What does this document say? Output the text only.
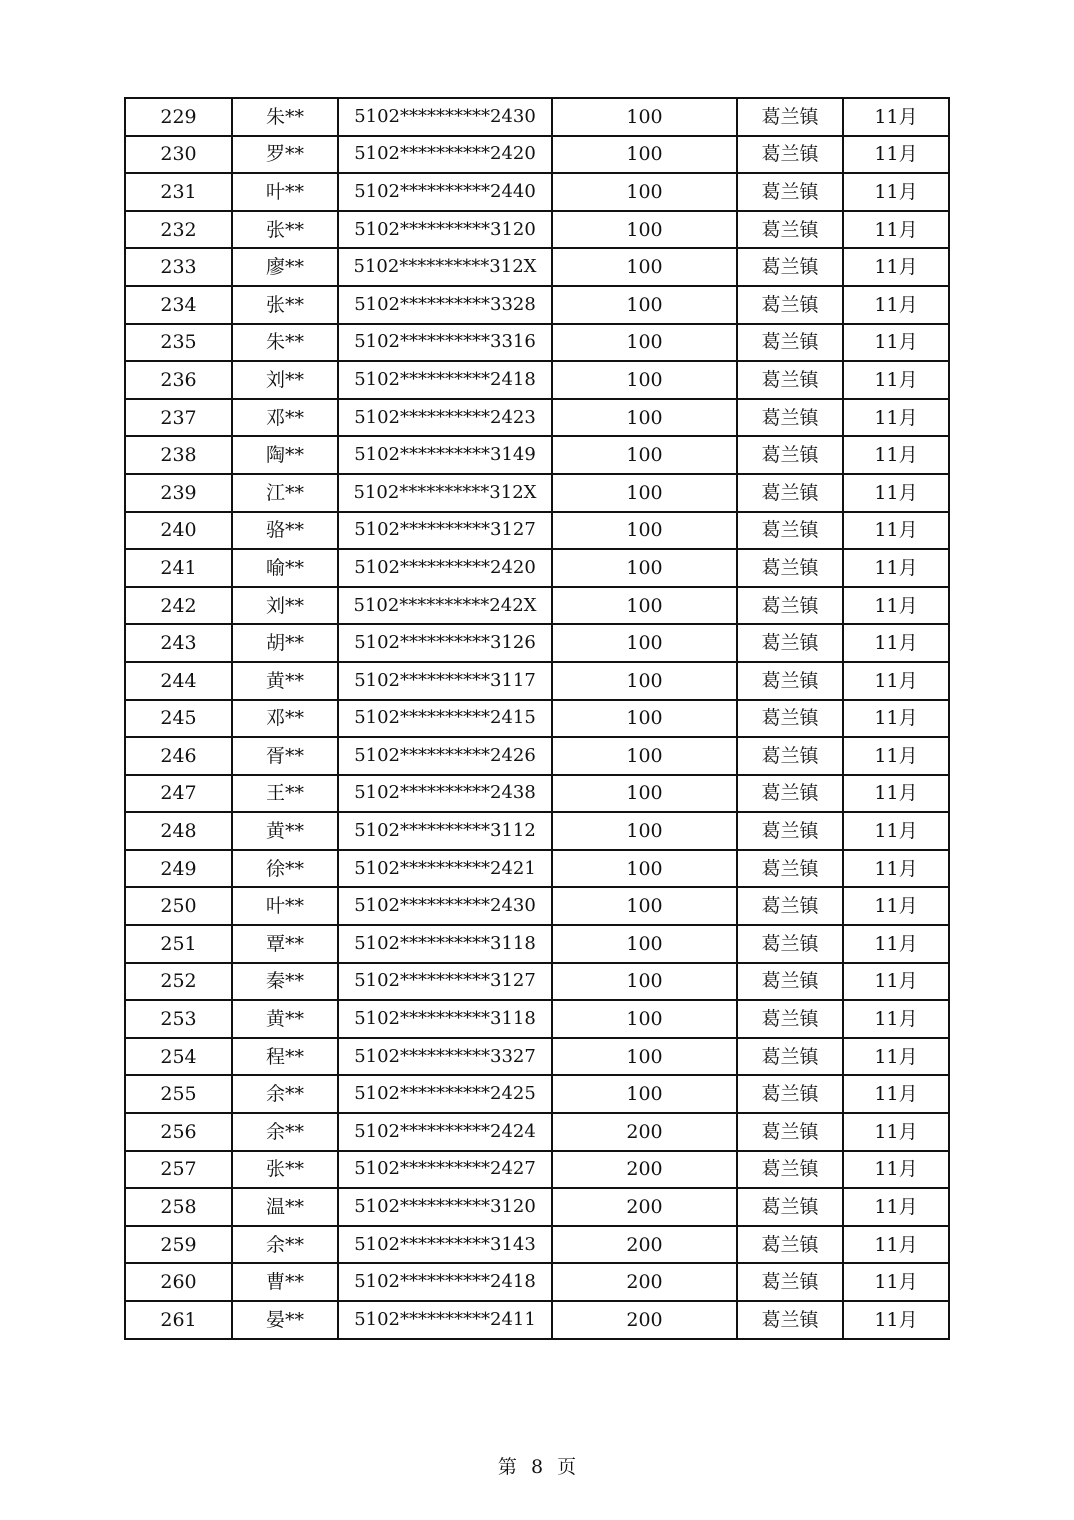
229	朱**	5102**********2430	100	葛兰镇	11月
230	罗**	5102**********2420	100	葛兰镇	11月
231	叶**	5102**********2440	100	葛兰镇	11月
232	张**	5102**********3120	100	葛兰镇	11月
233	廖**	5102**********312X	100	葛兰镇	11月
234	张**	5102**********3328	100	葛兰镇	11月
235	朱**	5102**********3316	100	葛兰镇	11月
236	刘**	5102**********2418	100	葛兰镇	11月
237	邓**	5102**********2423	100	葛兰镇	11月
238	陶**	5102**********3149	100	葛兰镇	11月
239	江**	5102**********312X	100	葛兰镇	11月
240	骆**	5102**********3127	100	葛兰镇	11月
241	喻**	5102**********2420	100	葛兰镇	11月
242	刘**	5102**********242X	100	葛兰镇	11月
243	胡**	5102**********3126	100	葛兰镇	11月
244	黄**	5102**********3117	100	葛兰镇	11月
245	邓**	5102**********2415	100	葛兰镇	11月
246	胥**	5102**********2426	100	葛兰镇	11月
247	王**	5102**********2438	100	葛兰镇	11月
248	黄**	5102**********3112	100	葛兰镇	11月
249	徐**	5102**********2421	100	葛兰镇	11月
250	叶**	5102**********2430	100	葛兰镇	11月
251	覃**	5102**********3118	100	葛兰镇	11月
252	秦**	5102**********3127	100	葛兰镇	11月
253	黄**	5102**********3118	100	葛兰镇	11月
254	程**	5102**********3327	100	葛兰镇	11月
255	余**	5102**********2425	100	葛兰镇	11月
256	余**	5102**********2424	200	葛兰镇	11月
257	张**	5102**********2427	200	葛兰镇	11月
258	温**	5102**********3120	200	葛兰镇	11月
259	余**	5102**********3143	200	葛兰镇	11月
260	曹**	5102**********2418	200	葛兰镇	11月
261	晏**	5102**********2411	200	葛兰镇	11月
第 8 页
